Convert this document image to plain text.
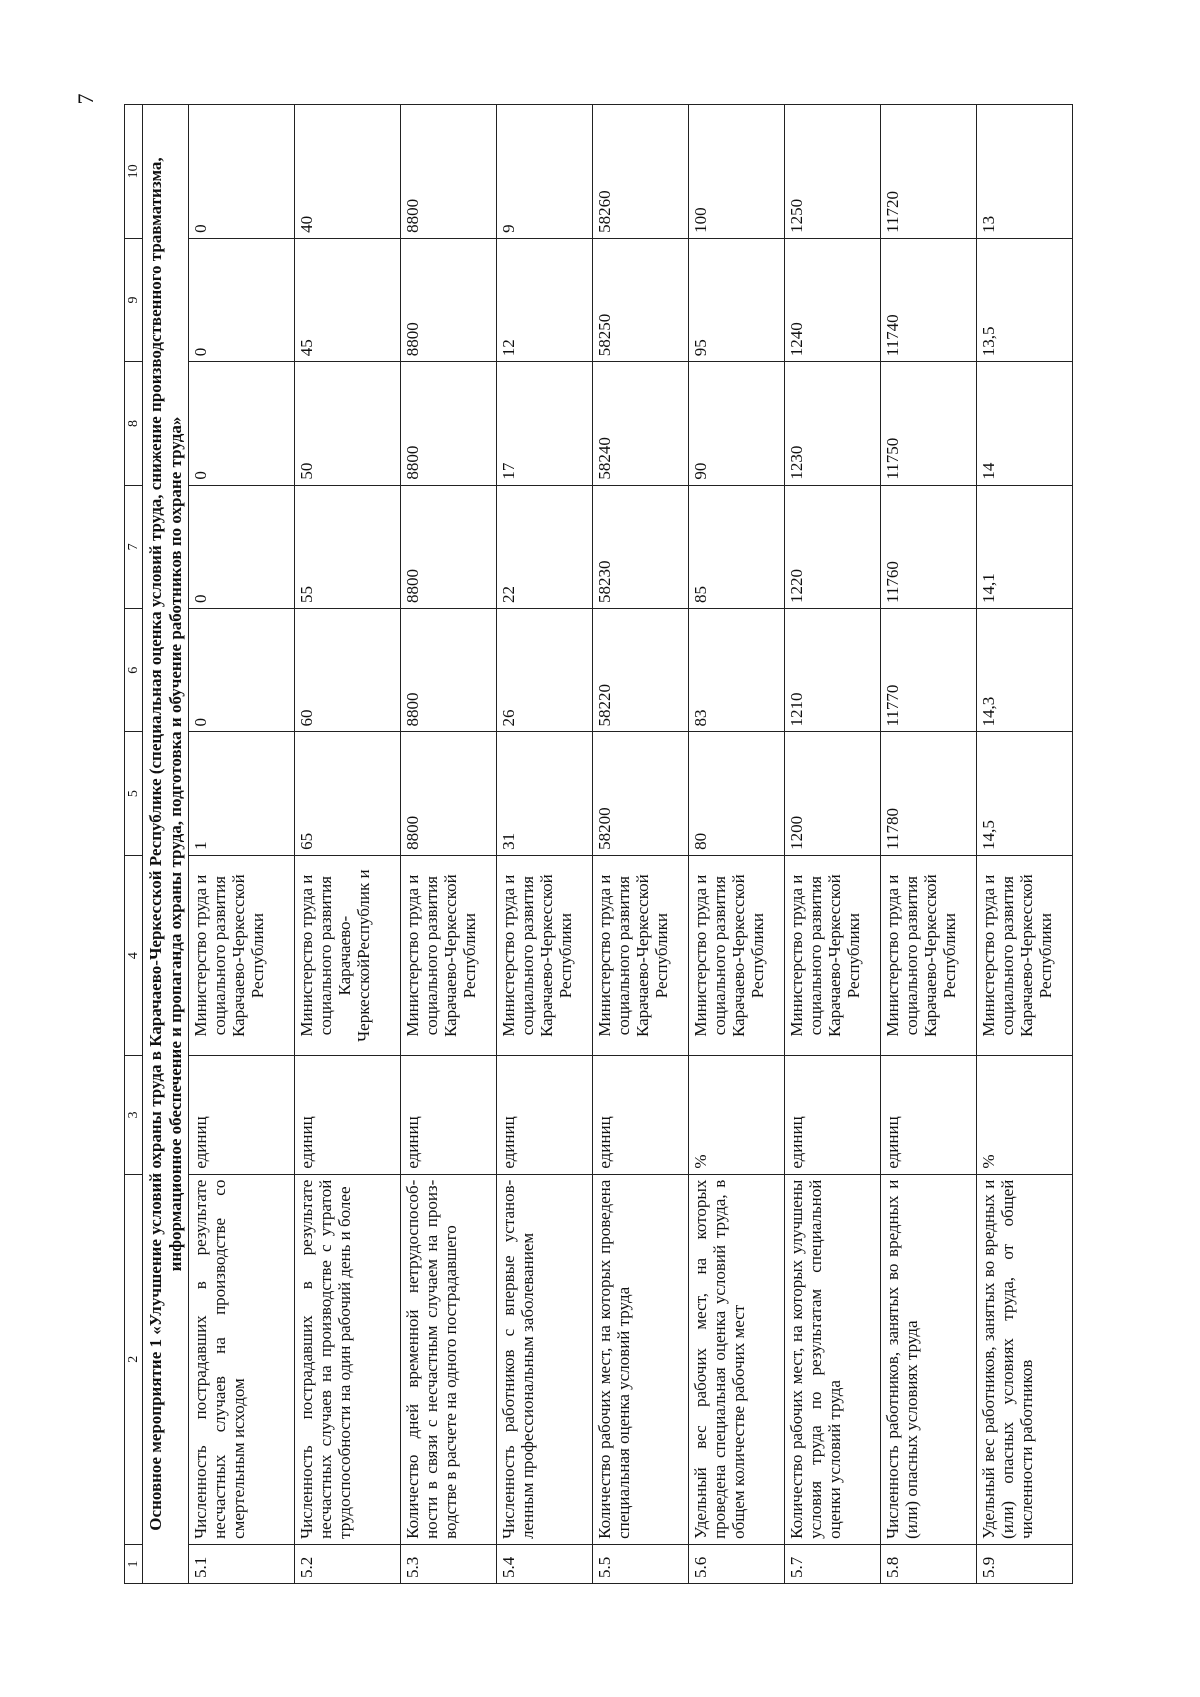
7
1	2	3	4	5	6	7	8	9	10
Основное мероприятие 1 «Улучшение условий охраны труда в Карачаево-Черкесской Республике (специальная оценка условий труда, снижение производственного травматизма, информационное обеспечение и пропаганда охраны труда, подготовка и обучение работников по охране труда»									
5.1	Численность пострадавших в результате несчастных случаев на производстве со смертельным исходом	единиц	Министерство труда и социального развития Карачаево-Черкесской Республики	1	0	0	0	0	0
5.2	Численность пострадавших в результате несчастных случаев на производстве с утратой трудоспособности на один рабочий день и более	единиц	Министерство труда и социального развития Карачаево-ЧеркесскойРеспублик и	65	60	55	50	45	40
5.3	Количество дней временной нетрудоспособ-ности в связи с несчастным случаем на произ-водстве в расчете на одного пострадавшего	единиц	Министерство труда и социального развития Карачаево-Черкесской Республики	8800	8800	8800	8800	8800	8800
5.4	Численность работников с впервые установ-ленным профессиональным заболеванием	единиц	Министерство труда и социального развития Карачаево-Черкесской Республики	31	26	22	17	12	9
5.5	Количество рабочих мест, на которых проведена специальная оценка условий труда	единиц	Министерство труда и социального развития Карачаево-Черкесской Республики	58200	58220	58230	58240	58250	58260
5.6	Удельный вес рабочих мест, на которых проведена специальная оценка условий труда, в общем количестве рабочих мест	%	Министерство труда и социального развития Карачаево-Черкесской Республики	80	83	85	90	95	100
5.7	Количество рабочих мест, на которых улучшены условия труда по результатам специальной оценки условий труда	единиц	Министерство труда и социального развития Карачаево-Черкесской Республики	1200	1210	1220	1230	1240	1250
5.8	Численность работников, занятых во вредных и (или) опасных условиях труда	единиц	Министерство труда и социального развития Карачаево-Черкесской Республики	11780	11770	11760	11750	11740	11720
5.9	Удельный вес работников, занятых во вредных и (или) опасных условиях труда, от общей численности работников	%	Министерство труда и социального развития Карачаево-Черкесской Республики	14,5	14,3	14,1	14	13,5	13
